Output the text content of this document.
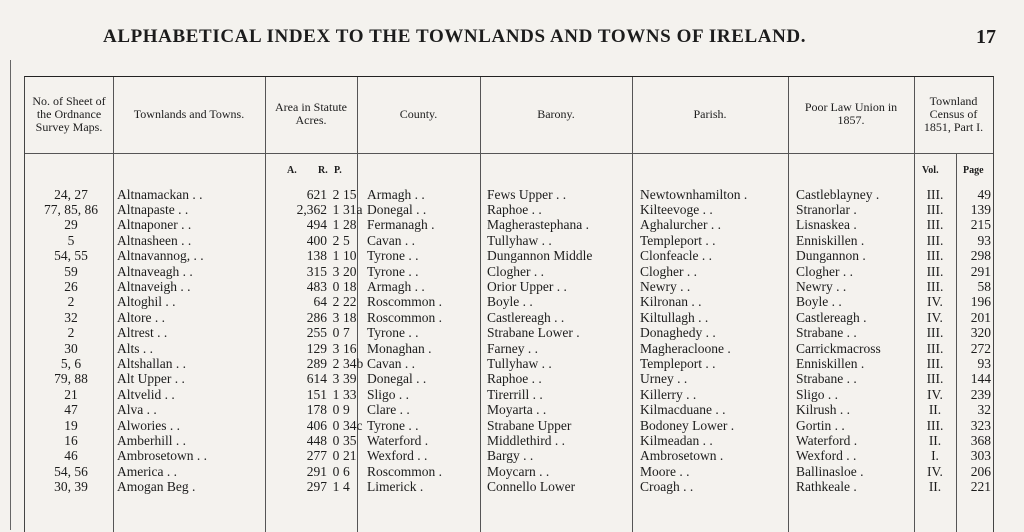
ALPHABETICAL INDEX TO THE TOWNLANDS AND TOWNS OF IRELAND.	17
No. of Sheet of the Ordnance Survey Maps.
Townlands and Towns.	Area in Statute Acres.	County.	Barony.	Parish.	Poor Law Union in 1857.
Townland Census of 1851, Part I.
A. R. P.	Vol. Page
24, 27	Altnamackan . .	621 2 15 Armagh . .	Fews Upper . .	Newtownhamilton .	Castleblayney .	III.	49
77, 85, 86	Altnapaste . .	2,362 1 31a Donegal . .	Raphoe . .	Kilteevoge . .	Stranorlar .	III.	139
29	Altnaponer . .	494 1 28 Fermanagh .	Magherastephana .	Aghalurcher . .	Lisnaskea .	III.	215
5	Altnasheen . .	400 2 5	Cavan . .	Tullyhaw . .	Templeport . .	Enniskillen .	III.	93
54, 55	Altnavannog, . .	138 1 10 Tyrone . .	Dungannon Middle	Clonfeacle . .	Dungannon .	III.	298
59	Altnaveagh . .	315 3 20 Tyrone . .	Clogher . .	Clogher . .	Clogher . .	III.	291
26	Altnaveigh . .	483 0 18 Armagh . .	Orior Upper . .	Newry . .	Newry . .	III.	58
2	Altoghil . .	64 2 22 Roscommon .	Boyle . .	Kilronan . .	Boyle . .	IV.	196
32	Altore . .	286 3 18 Roscommon .	Castlereagh . .	Kiltullagh . .	Castlereagh .	IV.	201
2	Altrest . .	255 0 7	Tyrone . .	Strabane Lower .	Donaghedy . .	Strabane . .	III.	320
30	Alts . .	129 3 16 Monaghan .	Farney . .	Magheracloone .	Carrickmacross	III.	272
5, 6	Altshallan . .	289 2 34b Cavan . .	Tullyhaw . .	Templeport . .	Enniskillen .	III.	93
79, 88	Alt Upper . .	614 3 39 Donegal . .	Raphoe . .	Urney . .	Strabane . .	III.	144
21	Altvelid . .	151 1 33 Sligo . .	Tirerrill . .	Killerry . .	Sligo . .	IV.	239
47	Alva . .	178 0 9	Clare . .	Moyarta . .	Kilmacduane . .	Kilrush . .	II.	32
19	Alwories . .	406 0 34c Tyrone . .	Strabane Upper	Bodoney Lower .	Gortin . .	III.	323
16	Amberhill . .	448 0 35 Waterford .	Middlethird . .	Kilmeadan . .	Waterford .	II.	368
46	Ambrosetown . .	277 0 21 Wexford . .	Bargy . .	Ambrosetown .	Wexford . .	I.	303
54, 56	America . .	291 0 6	Roscommon .	Moycarn . .	Moore . .	Ballinasloe .	IV.	206
30, 39	Amogan Beg .	297 1 4	Limerick .	Connello Lower	Croagh . .	Rathkeale .	II.	221
